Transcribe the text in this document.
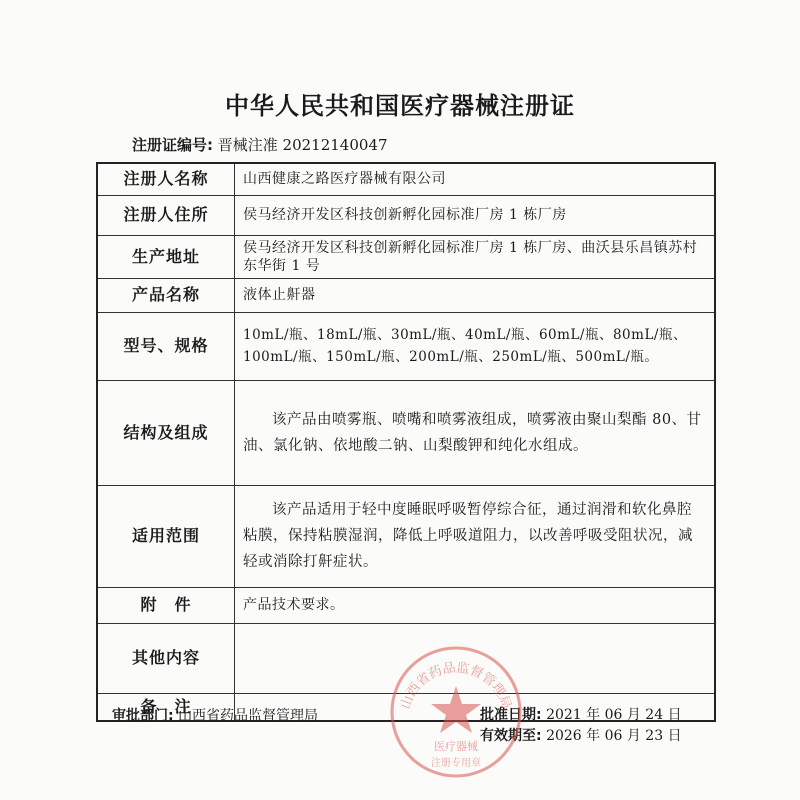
中华人民共和国医疗器械注册证
注册证编号: 晋械注准 20212140047
注册人名称	山西健康之路医疗器械有限公司
注册人住所	侯马经济开发区科技创新孵化园标准厂房 1 栋厂房
生产地址	侯马经济开发区科技创新孵化园标准厂房 1 栋厂房、曲沃县乐昌镇苏村东华街 1 号
产品名称	液体止鼾器
型号、规格	10mL/瓶、18mL/瓶、30mL/瓶、40mL/瓶、60mL/瓶、80mL/瓶、100mL/瓶、150mL/瓶、200mL/瓶、250mL/瓶、500mL/瓶。
结构及组成	该产品由喷雾瓶、喷嘴和喷雾液组成，喷雾液由聚山梨酯 80、甘油、氯化钠、依地酸二钠、山梨酸钾和纯化水组成。

适用范围	该产品适用于轻中度睡眠呼吸暂停综合征，通过润滑和软化鼻腔粘膜，保持粘膜湿润，降低上呼吸道阻力，以改善呼吸受阻状况，减轻或消除打鼾症状。

附　件	产品技术要求。
其他内容	
备　注	
审批部门: 山西省药品监督管理局	批准日期: 2021 年 06 月 24 日
有效期至: 2026 年 06 月 23 日
山西省药品监督管理局
医疗器械
注册专用章
